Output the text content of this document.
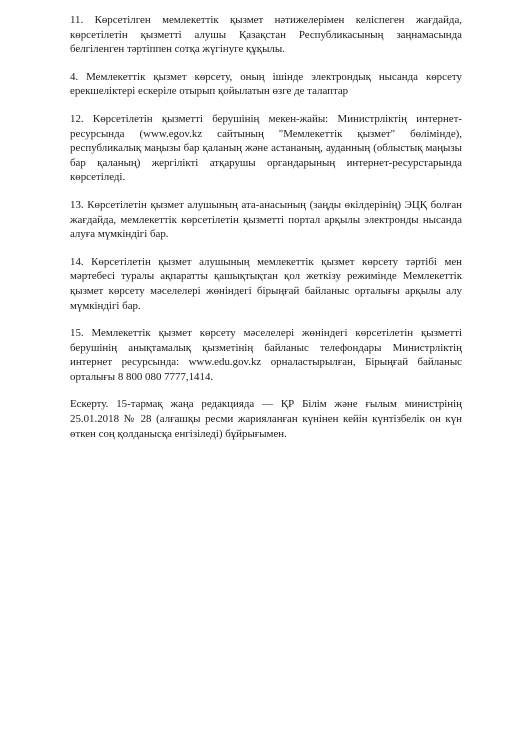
11. Көрсетілген мемлекеттік қызмет нәтижелерімен келіспеген жағдайда, көрсетілетін қызметті алушы Қазақстан Республикасының заңнамасында белгіленген тәртіппен сотқа жүгінуге құқылы.

4. Мемлекеттік қызмет көрсету, оның ішінде электрондық нысанда көрсету ерекшеліктері ескеріле отырып қойылатын өзге де талаптар

12. Көрсетілетін қызметті берушінің мекен-жайы: Министрліктің интернет-ресурсында (www.egov.kz сайтының "Мемлекеттік қызмет" бөлімінде), республикалық маңызы бар қаланың және астананың, ауданның (облыстық маңызы бар қаланың) жергілікті атқарушы органдарының интернет-ресурстарында көрсетіледі.

13. Көрсетілетін қызмет алушының ата-анасының (заңды өкілдерінің) ЭЦҚ болған жағдайда, мемлекеттік көрсетілетін қызметті портал арқылы электронды нысанда алуға мүмкіндігі бар.

14. Көрсетілетін қызмет алушының мемлекеттік қызмет көрсету тәртібі мен мәртебесі туралы ақпаратты қашықтықтан қол жеткізу режимінде Мемлекеттік қызмет көрсету мәселелері жөніндегі бірыңғай байланыс орталығы арқылы алу мүмкіндігі бар.

15. Мемлекеттік қызмет көрсету мәселелері жөніндегі көрсетілетін қызметті берушінің анықтамалық қызметінің байланыс телефондары Министрліктің интернет ресурсында: www.edu.gov.kz орналастырылған, Бірыңғай байланыс орталығы 8 800 080 7777,1414.

Ескерту. 15-тармақ жаңа редакцияда — ҚР Білім және ғылым министрінің 25.01.2018 № 28 (алғашқы ресми жарияланған күнінен кейін күнтізбелік он күн өткен соң қолданысқа енгізіледі) бұйрығымен.
